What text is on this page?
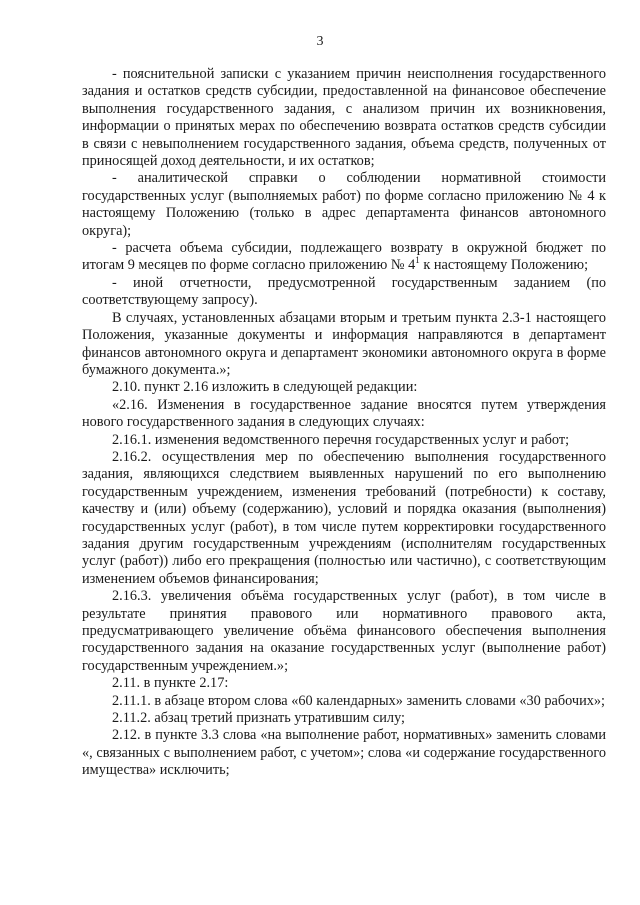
3

- пояснительной записки с указанием причин неисполнения государственного задания и остатков средств субсидии, предоставленной на финансовое обеспечение выполнения государственного задания, с анализом причин их возникновения, информации о принятых мерах по обеспечению возврата остатков средств субсидии в связи с невыполнением государственного задания, объема средств, полученных от приносящей доход деятельности, и их остатков;

- аналитической справки о соблюдении нормативной стоимости государственных услуг (выполняемых работ) по форме согласно приложению № 4 к настоящему Положению (только в адрес департамента финансов автономного округа);

- расчета объема субсидии, подлежащего возврату в окружной бюджет по итогам 9 месяцев по форме согласно приложению № $4^1$ к настоящему Положению;

- иной отчетности, предусмотренной государственным заданием (по соответствующему запросу).

В случаях, установленных абзацами вторым и третьим пункта 2.3-1 настоящего Положения, указанные документы и информация направляются в департамент финансов автономного округа и департамент экономики автономного округа в форме бумажного документа.»;

2.10. пункт 2.16 изложить в следующей редакции:

«2.16. Изменения в государственное задание вносятся путем утверждения нового государственного задания в следующих случаях:

2.16.1. изменения ведомственного перечня государственных услуг и работ;

2.16.2. осуществления мер по обеспечению выполнения государственного задания, являющихся следствием выявленных нарушений по его выполнению государственным учреждением, изменения требований (потребности) к составу, качеству и (или) объему (содержанию), условий и порядка оказания (выполнения) государственных услуг (работ), в том числе путем корректировки государственного задания другим государственным учреждениям (исполнителям государственных услуг (работ)) либо его прекращения (полностью или частично), с соответствующим изменением объемов финансирования;

2.16.3. увеличения объёма государственных услуг (работ), в том числе в результате принятия правового или нормативного правового акта, предусматривающего увеличение объёма финансового обеспечения выполнения государственного задания на оказание государственных услуг (выполнение работ) государственным учреждением.»;

2.11. в пункте 2.17:

2.11.1. в абзаце втором слова «60 календарных» заменить словами «30 рабочих»;

2.11.2. абзац третий признать утратившим силу;

2.12. в пункте 3.3 слова «на выполнение работ, нормативных» заменить словами «, связанных с выполнением работ, с учетом»; слова «и содержание государственного имущества» исключить;
